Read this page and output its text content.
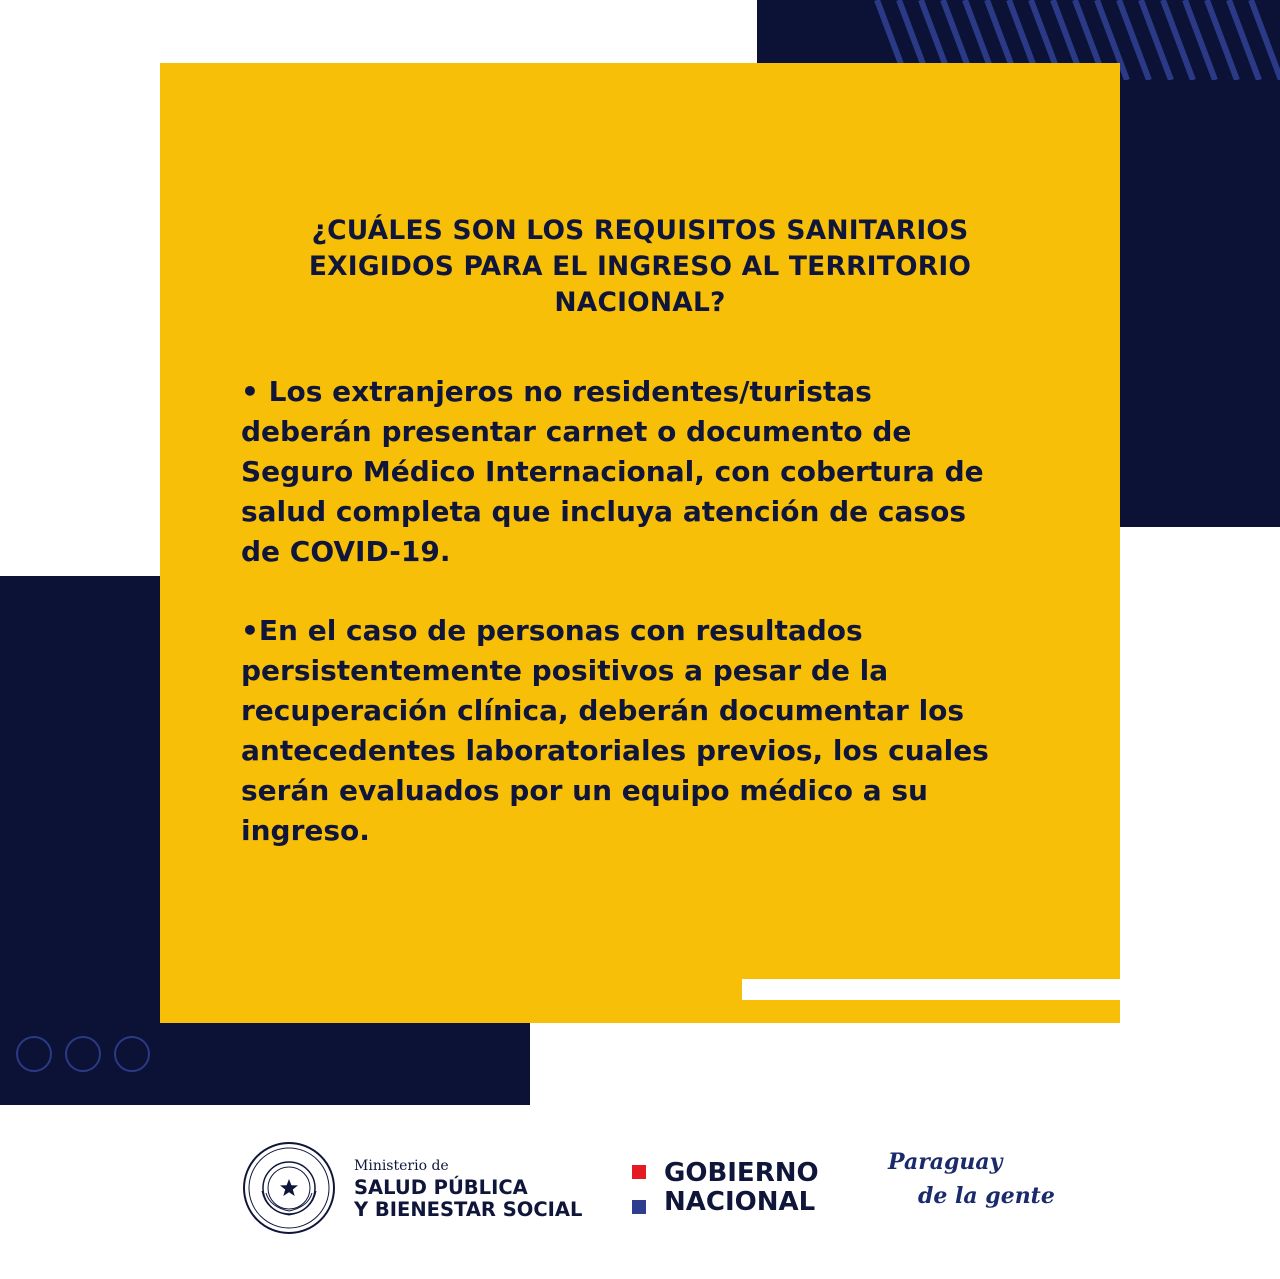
¿CUÁLES SON LOS REQUISITOS SANITARIOS
EXIGIDOS PARA EL INGRESO AL TERRITORIO
NACIONAL?
• Los extranjeros no residentes/turistas
deberán presentar carnet o documento de
Seguro Médico Internacional, con cobertura de
salud completa que incluya atención de casos
de COVID-19.
•En el caso de personas con resultados
persistentemente positivos a pesar de la
recuperación clínica, deberán documentar los
antecedentes laboratoriales previos, los cuales
serán evaluados por un equipo médico a su
ingreso.
Ministerio de
SALUD PÚBLICA
Y BIENESTAR SOCIAL
GOBIERNO
NACIONAL
Paraguay
de la gente
